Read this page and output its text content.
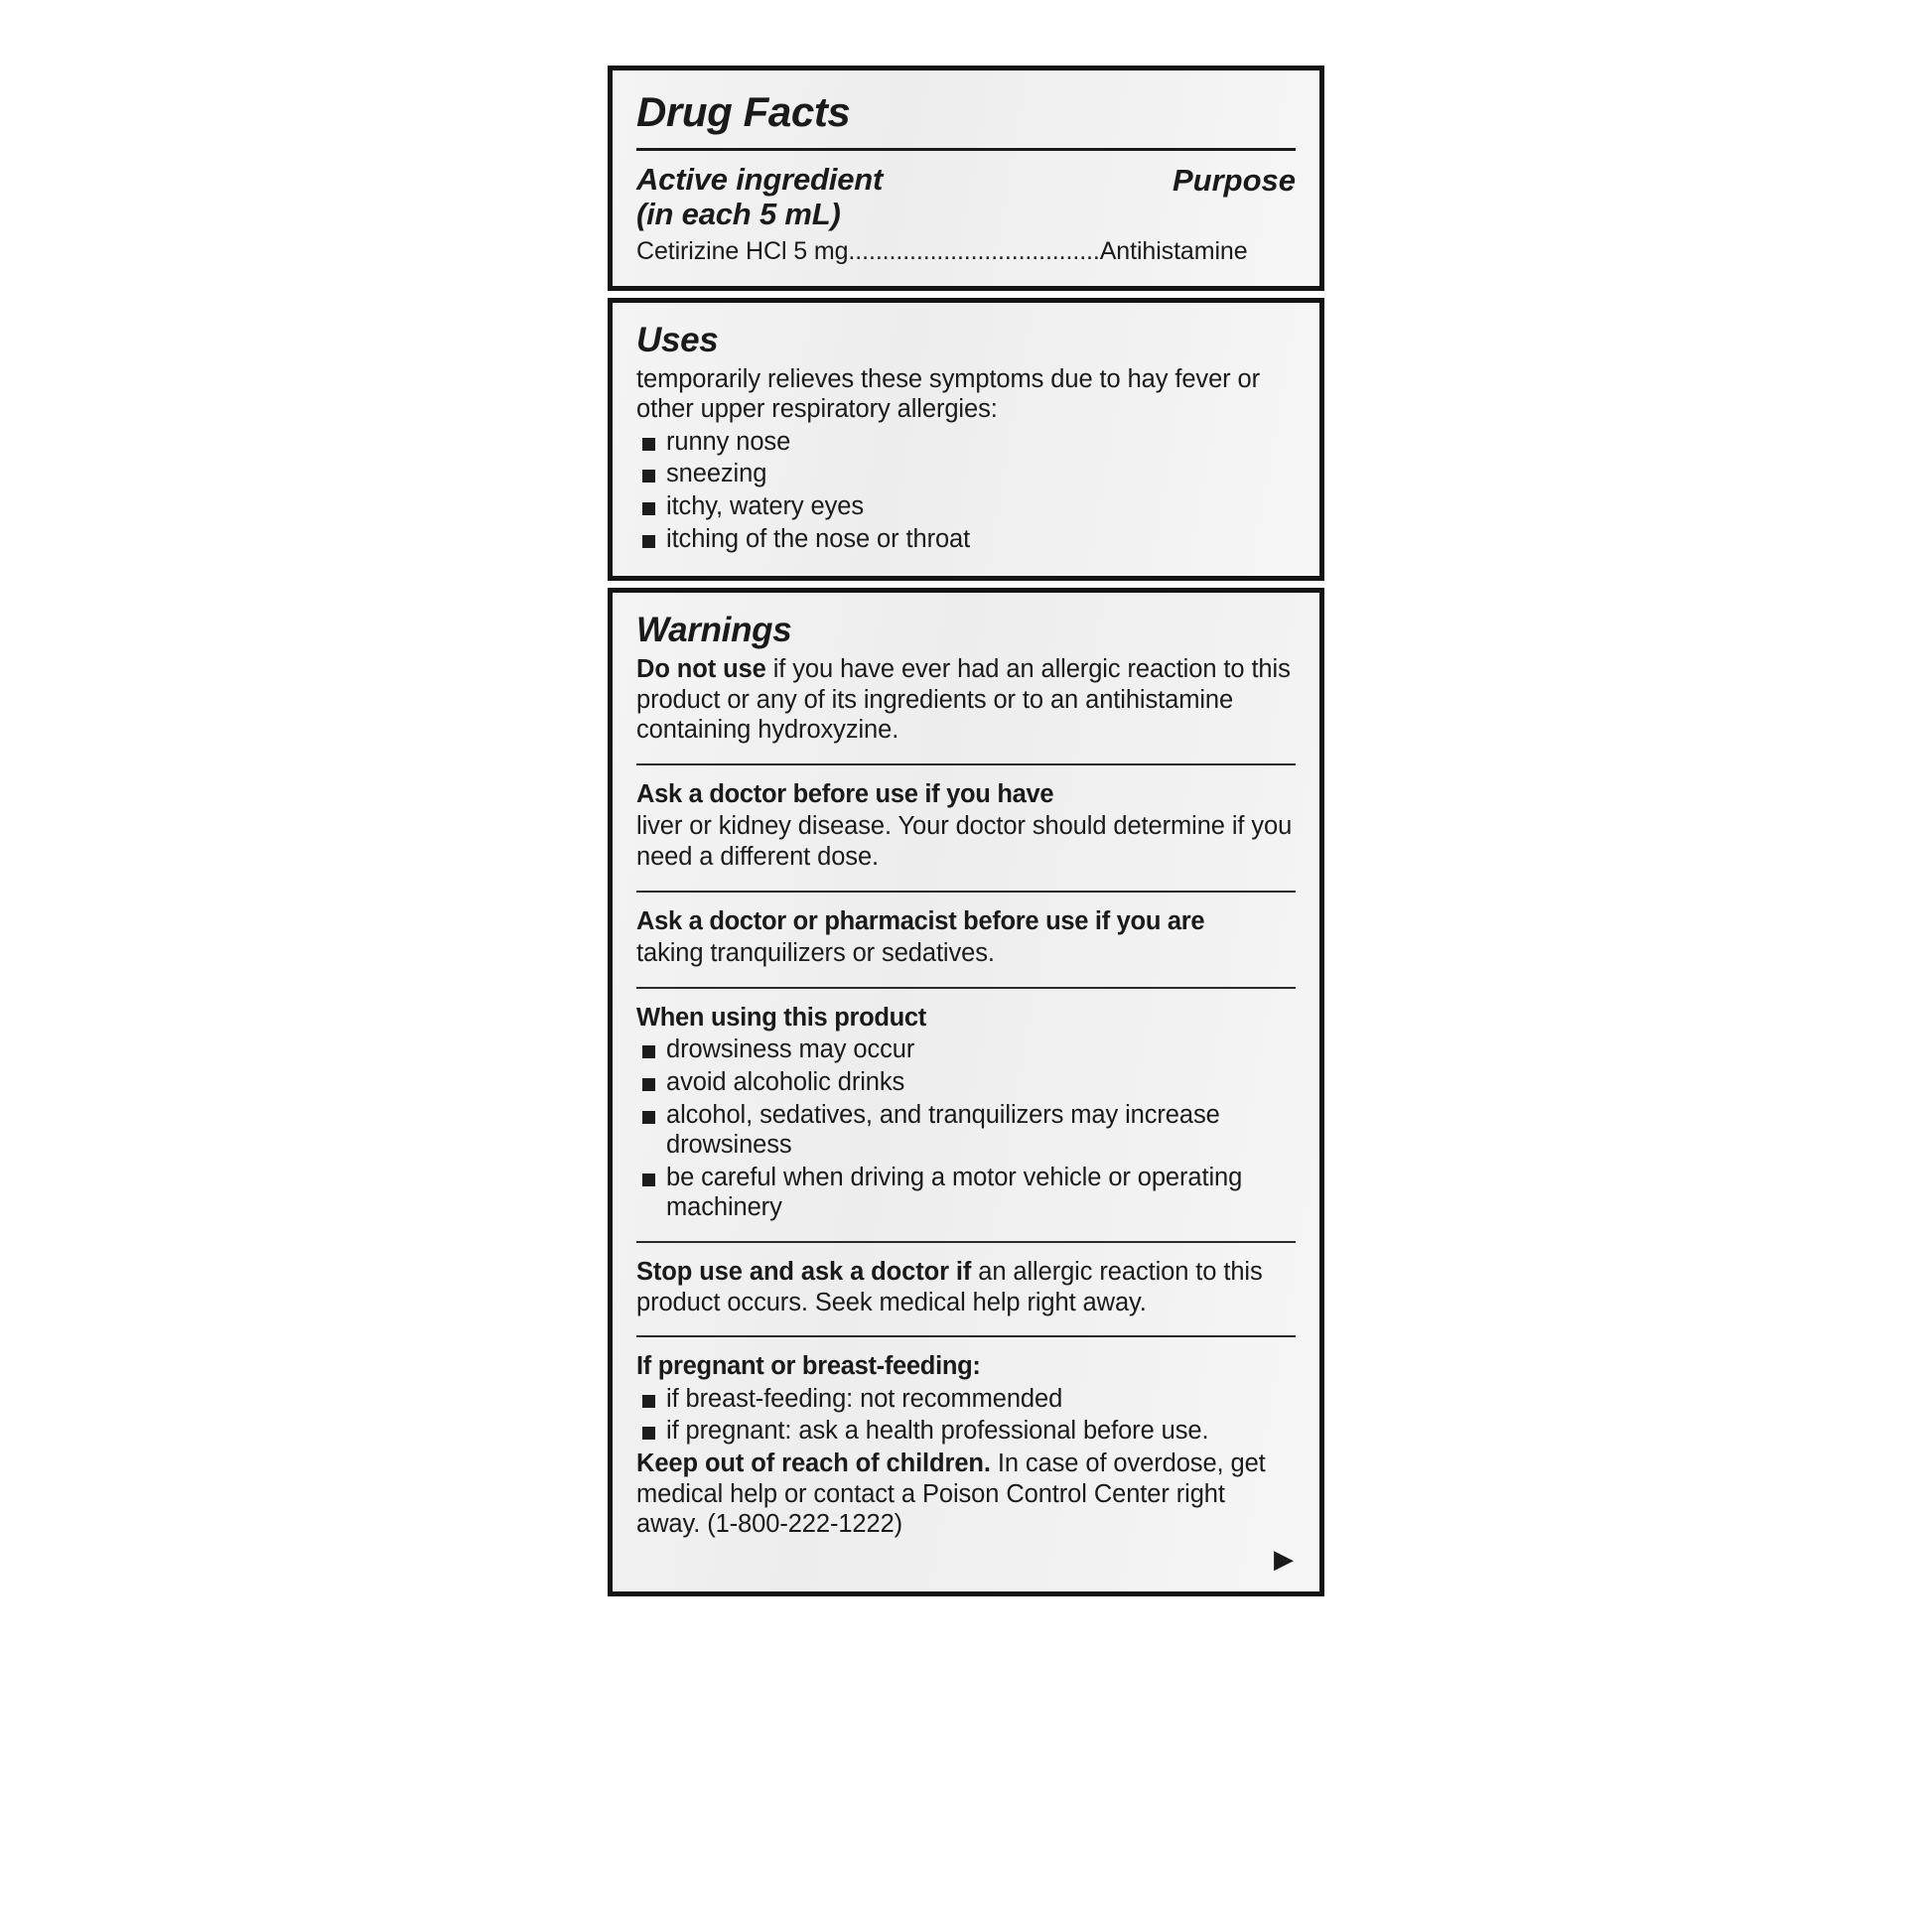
Drug Facts
Active ingredient
(in each 5 mL)
Purpose
Cetirizine HCl 5 mg.....................................Antihistamine
Uses

temporarily relieves these symptoms due to hay fever or other upper respiratory allergies:

runny nose
sneezing
itchy, watery eyes
itching of the nose or throat
Warnings

Do not use if you have ever had an allergic reaction to this product or any of its ingredients or to an antihistamine containing hydroxyzine.

Ask a doctor before use if you have

liver or kidney disease. Your doctor should determine if you need a different dose.

Ask a doctor or pharmacist before use if you are

taking tranquilizers or sedatives.

When using this product
drowsiness may occur
avoid alcoholic drinks
alcohol, sedatives, and tranquilizers may increase drowsiness
be careful when driving a motor vehicle or operating machinery

Stop use and ask a doctor if an allergic reaction to this product occurs. Seek medical help right away.

If pregnant or breast-feeding:
if breast-feeding: not recommended
if pregnant: ask a health professional before use.

Keep out of reach of children. In case of overdose, get medical help or contact a Poison Control Center right away. (1-800-222-1222)

▶
